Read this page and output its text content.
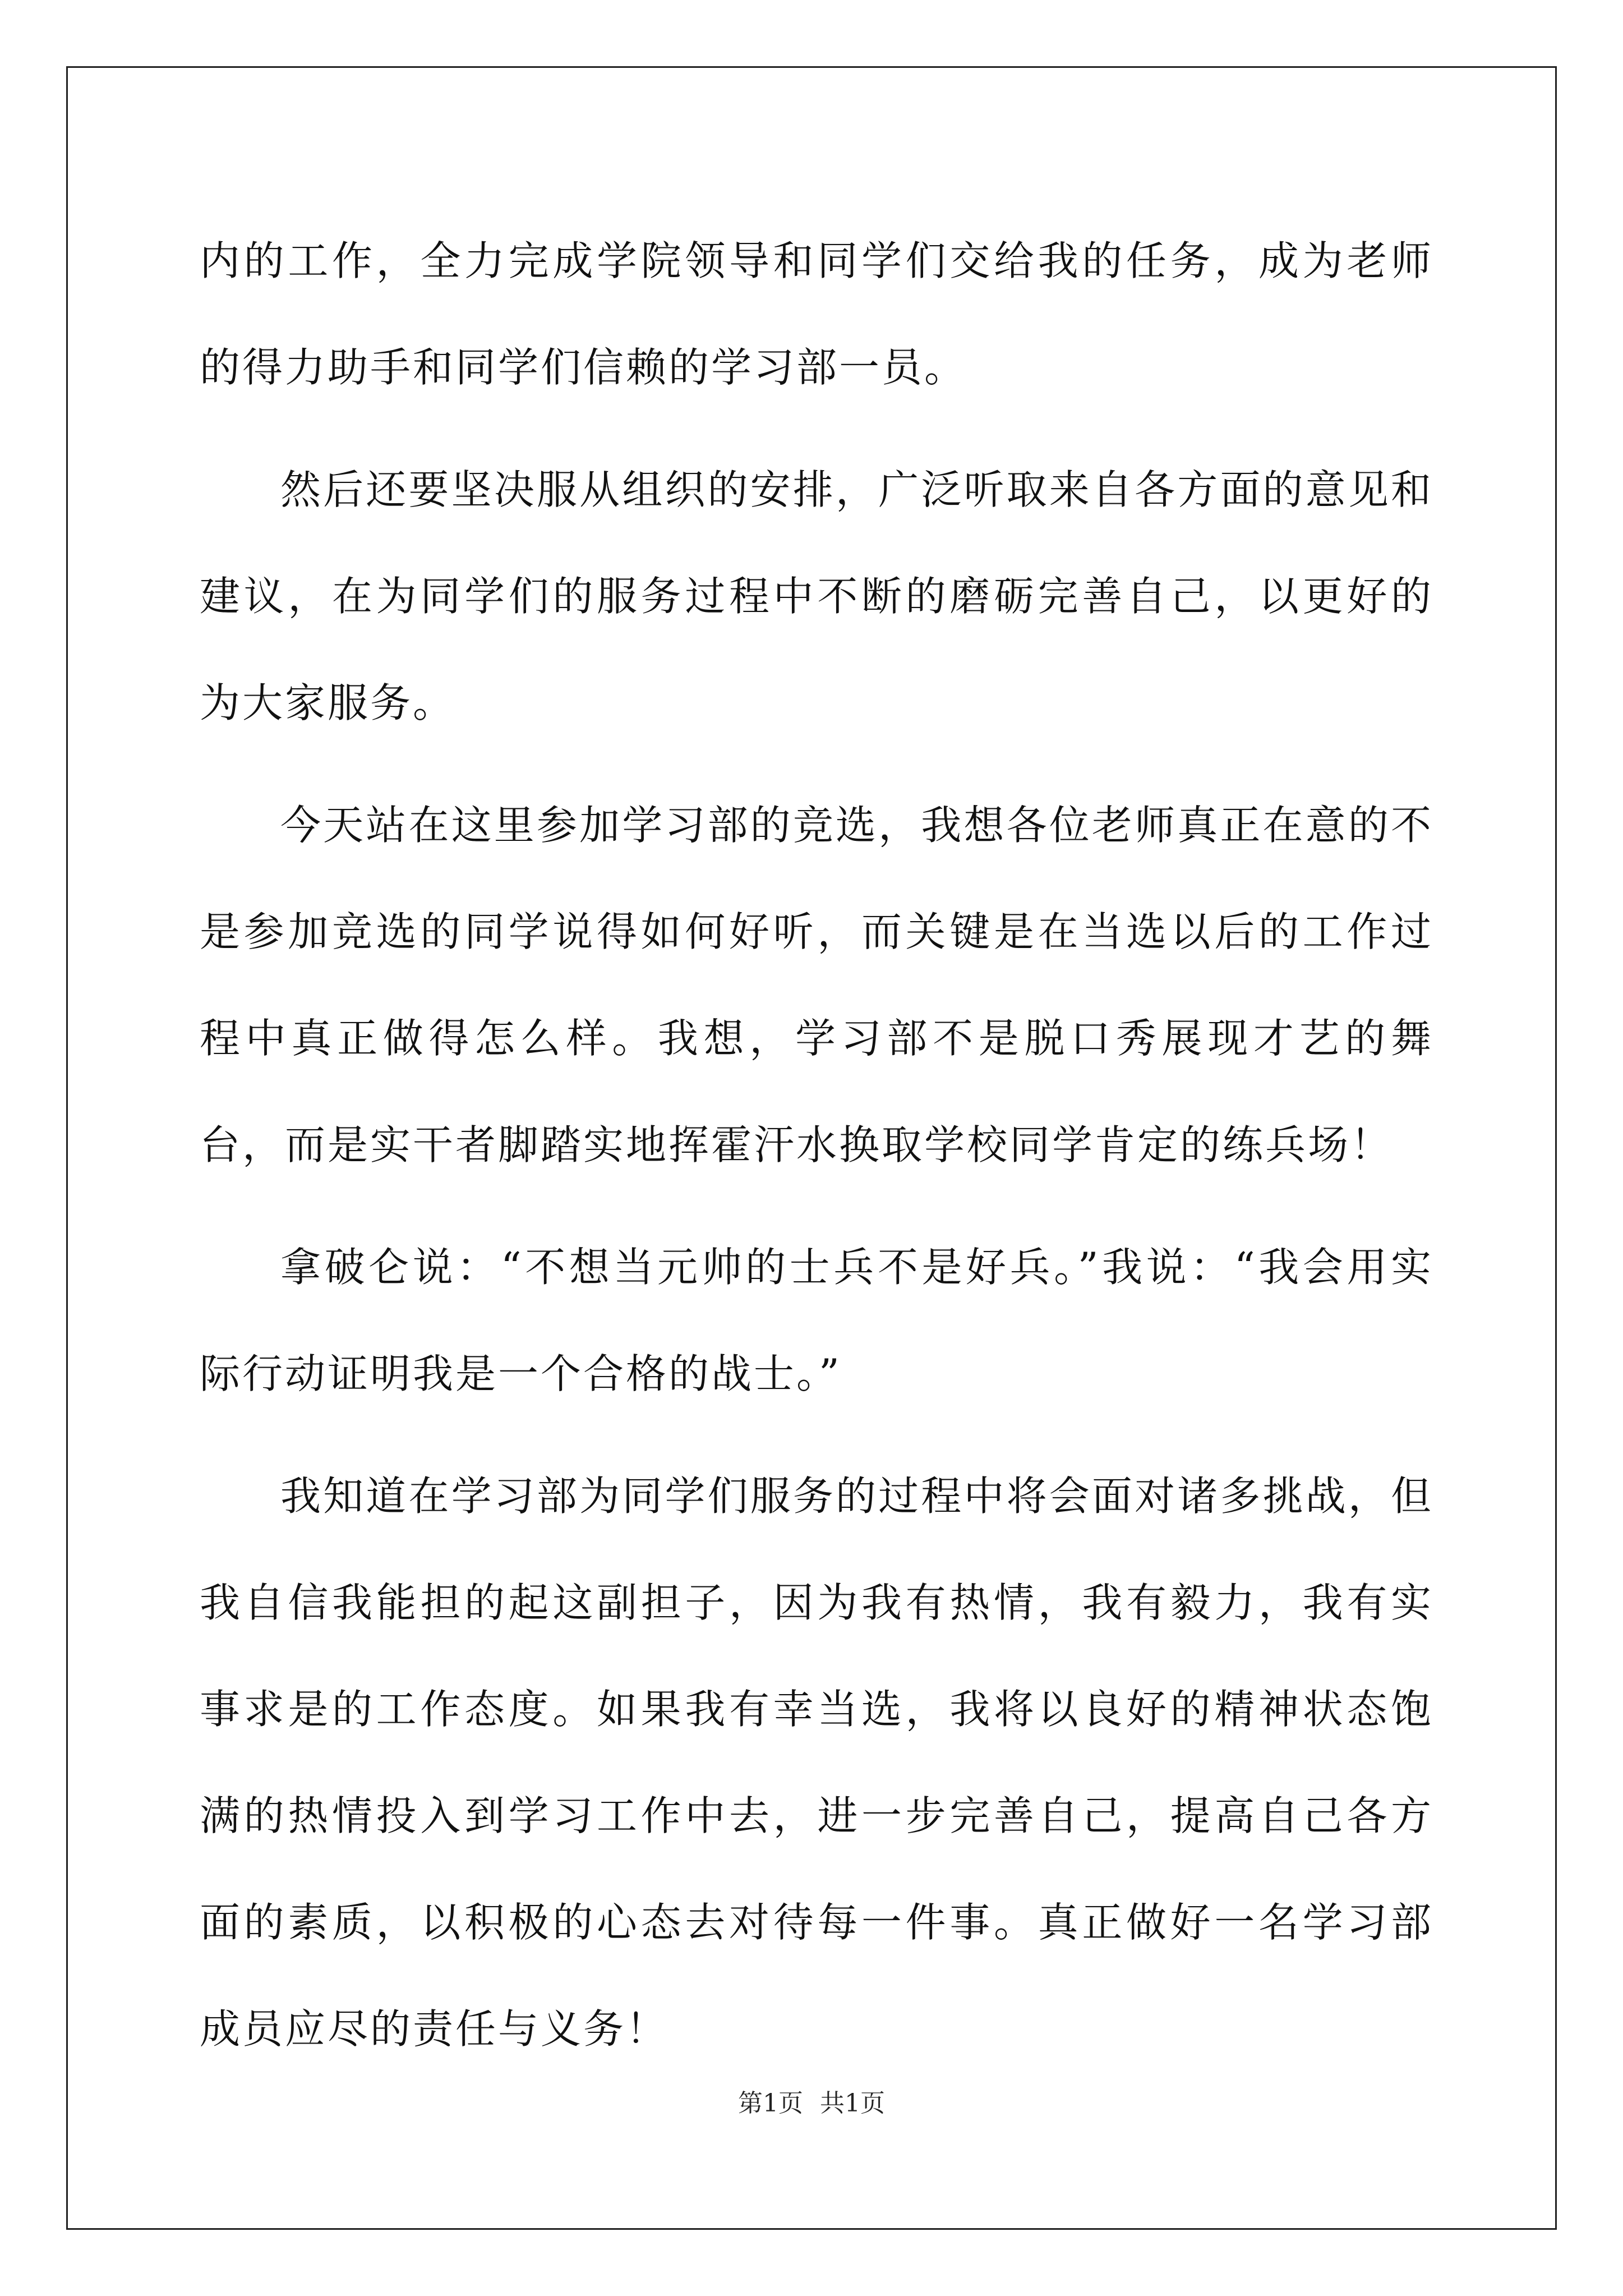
内的工作，全力完成学院领导和同学们交给我的任务，成为老师的得力助手和同学们信赖的学习部一员。

然后还要坚决服从组织的安排，广泛听取来自各方面的意见和建议，在为同学们的服务过程中不断的磨砺完善自己，以更好的为大家服务。

今天站在这里参加学习部的竞选，我想各位老师真正在意的不是参加竞选的同学说得如何好听，而关键是在当选以后的工作过程中真正做得怎么样。我想，学习部不是脱口秀展现才艺的舞台，而是实干者脚踏实地挥霍汗水换取学校同学肯定的练兵场！

拿破仑说：“不想当元帅的士兵不是好兵。”我说：“我会用实际行动证明我是一个合格的战士。”

我知道在学习部为同学们服务的过程中将会面对诸多挑战，但我自信我能担的起这副担子，因为我有热情，我有毅力，我有实事求是的工作态度。如果我有幸当选，我将以良好的精神状态饱满的热情投入到学习工作中去，进一步完善自己，提高自己各方面的素质，以积极的心态去对待每一件事。真正做好一名学习部成员应尽的责任与义务！

第1页 共1页
